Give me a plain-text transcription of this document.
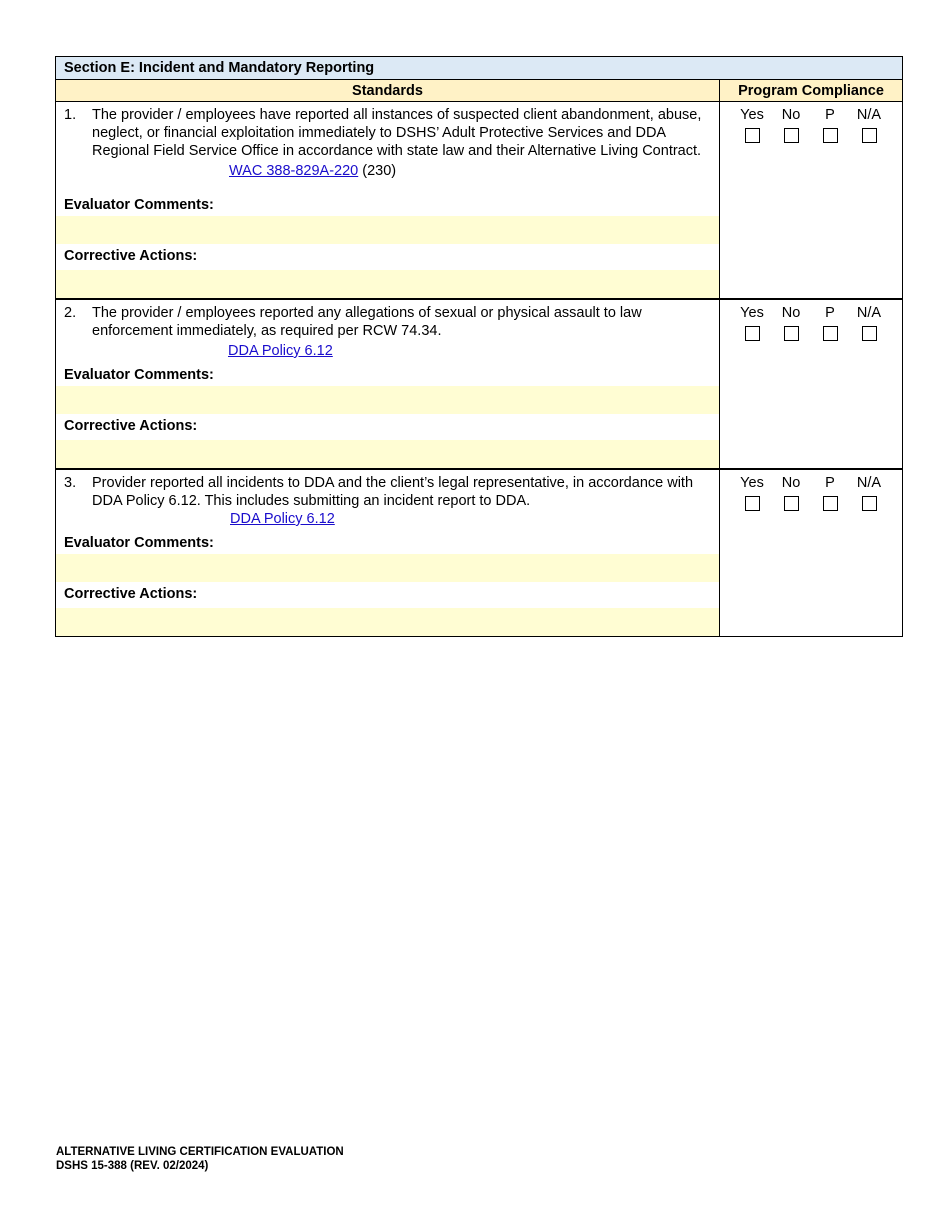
Section E: Incident and Mandatory Reporting
Standards	Program Compliance
1.	The provider / employees have reported all instances of suspected client abandonment, abuse, neglect, or financial exploitation immediately to DSHS’ Adult Protective Services and DDA Regional Field Service Office in accordance with state law and their Alternative Living Contract.
WAC 388-829A-220 (230)
Evaluator Comments:
Corrective Actions:
Yes	No	P	N/A
2.	The provider / employees reported any allegations of sexual or physical assault to law enforcement immediately, as required per RCW 74.34.
DDA Policy 6.12
Evaluator Comments:
Corrective Actions:
Yes	No	P	N/A
3.	Provider reported all incidents to DDA and the client’s legal representative, in accordance with DDA Policy 6.12. This includes submitting an incident report to DDA.
DDA Policy 6.12
Evaluator Comments:
Corrective Actions:
Yes	No	P	N/A
ALTERNATIVE LIVING CERTIFICATION EVALUATION
DSHS 15-388 (REV. 02/2024)
